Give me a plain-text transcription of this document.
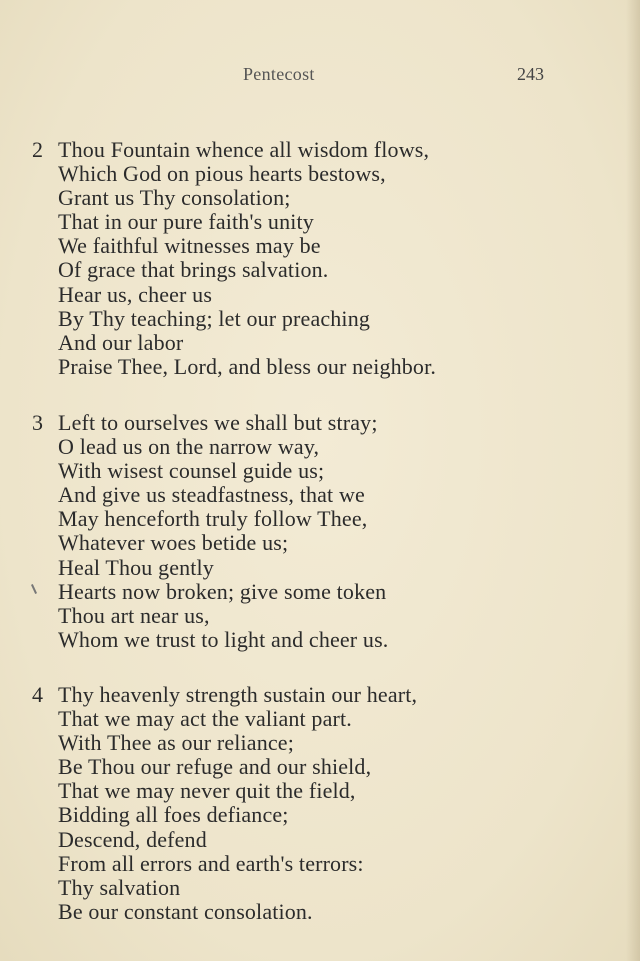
Pentecost	243
2 Thou Fountain whence all wisdom flows,
Which God on pious hearts bestows,
Grant us Thy consolation;
That in our pure faith's unity
We faithful witnesses may be
Of grace that brings salvation.
Hear us, cheer us
By Thy teaching; let our preaching
And our labor
Praise Thee, Lord, and bless our neighbor.
3 Left to ourselves we shall but stray;
O lead us on the narrow way,
With wisest counsel guide us;
And give us steadfastness, that we
May henceforth truly follow Thee,
Whatever woes betide us;
Heal Thou gently
Hearts now broken; give some token
Thou art near us,
Whom we trust to light and cheer us.
4 Thy heavenly strength sustain our heart,
That we may act the valiant part.
With Thee as our reliance;
Be Thou our refuge and our shield,
That we may never quit the field,
Bidding all foes defiance;
Descend, defend
From all errors and earth's terrors:
Thy salvation
Be our constant consolation.
